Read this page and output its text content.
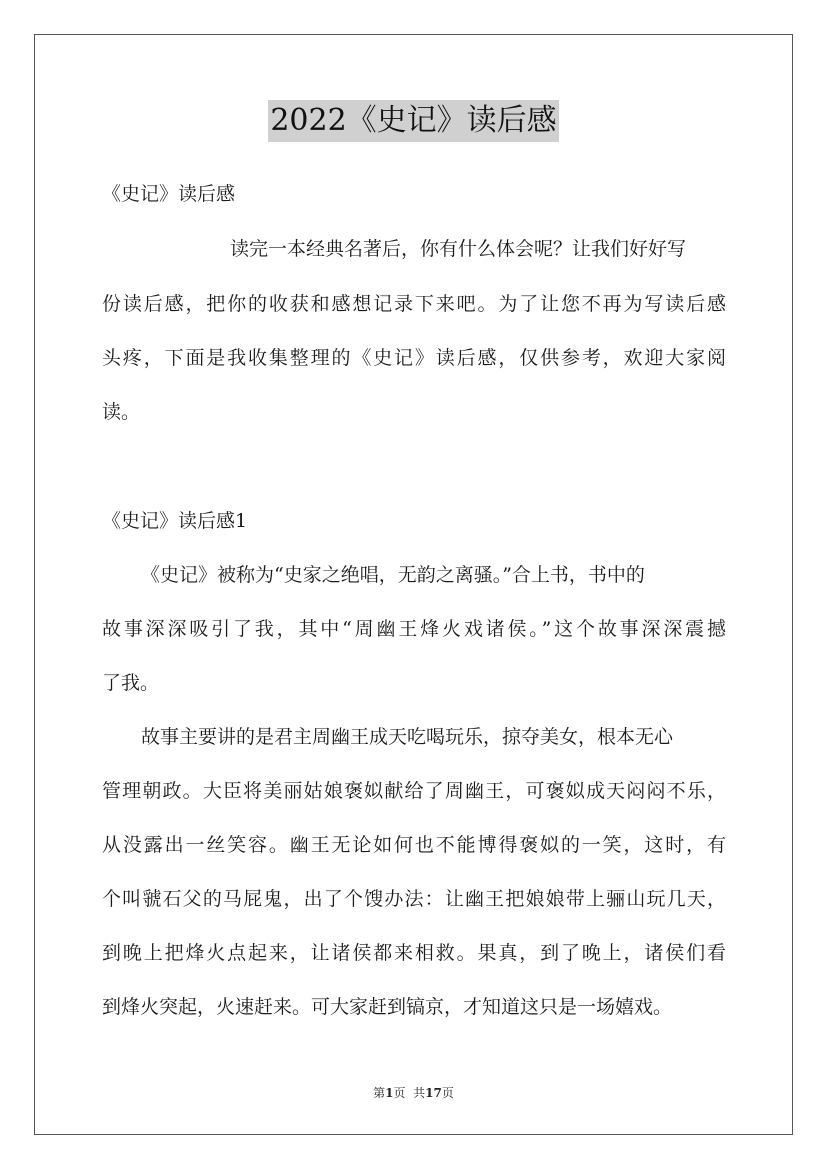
2022《史记》读后感
《史记》读后感
读完一本经典名著后，你有什么体会呢？让我们好好写
份读后感，把你的收获和感想记录下来吧。为了让您不再为写读后感
头疼，下面是我收集整理的《史记》读后感，仅供参考，欢迎大家阅
读。
《史记》读后感1
《史记》被称为“史家之绝唱，无韵之离骚。”合上书，书中的
故事深深吸引了我，其中“周幽王烽火戏诸侯。”这个故事深深震撼
了我。
故事主要讲的是君主周幽王成天吃喝玩乐，掠夺美女，根本无心
管理朝政。大臣将美丽姑娘褒姒献给了周幽王，可褒姒成天闷闷不乐，
从没露出一丝笑容。幽王无论如何也不能博得褒姒的一笑，这时，有
个叫虢石父的马屁鬼，出了个馊办法：让幽王把娘娘带上骊山玩几天，
到晚上把烽火点起来，让诸侯都来相救。果真，到了晚上，诸侯们看
到烽火突起，火速赶来。可大家赶到镐京，才知道这只是一场嬉戏。
第1页  共17页
